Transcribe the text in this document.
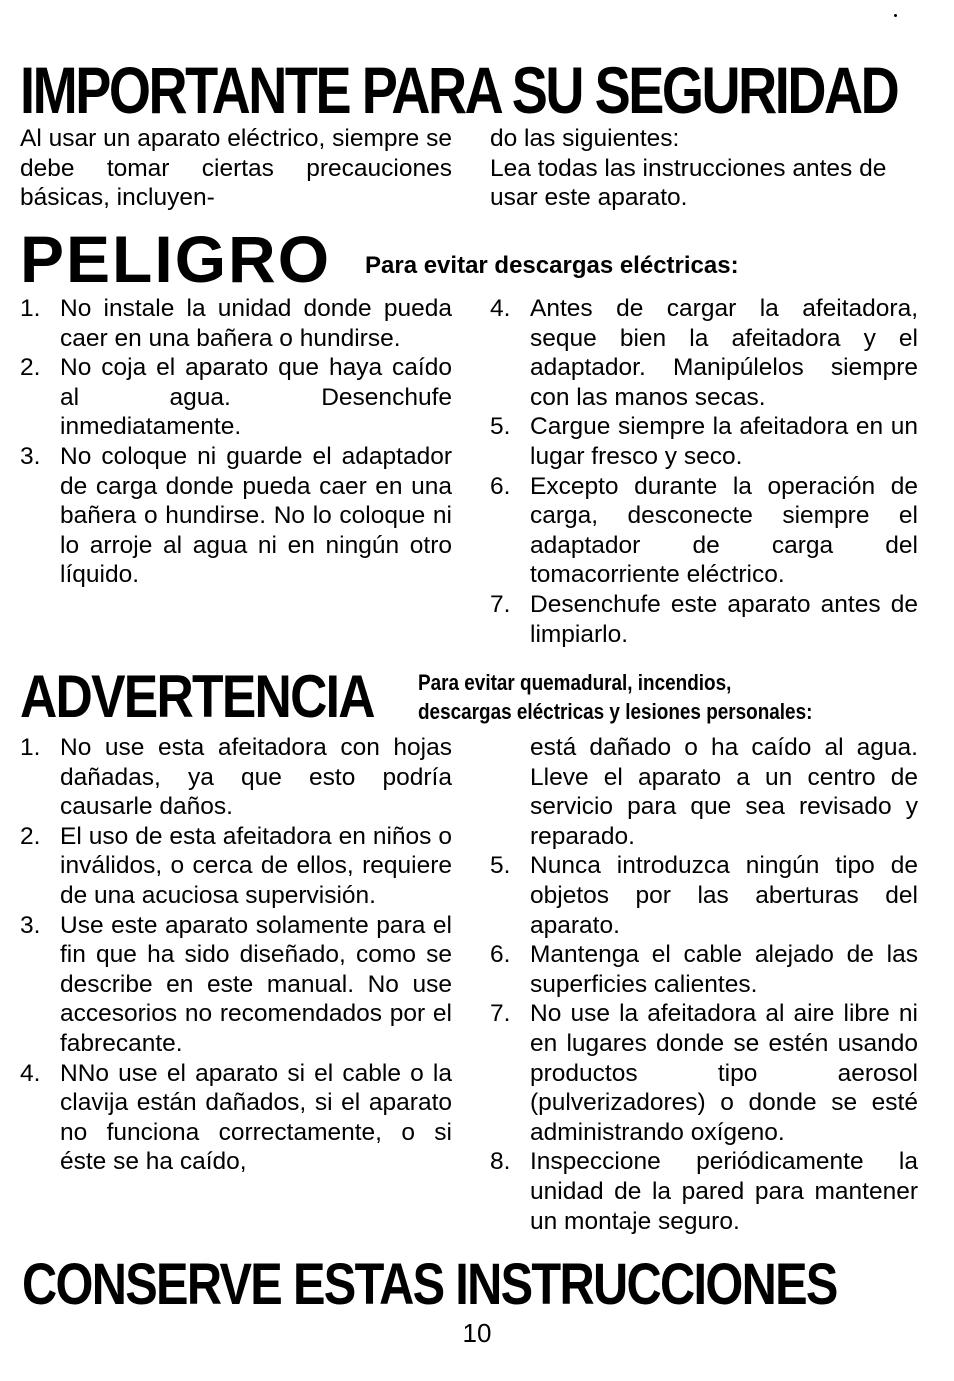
IMPORTANTE PARA SU SEGURIDAD

Al usar un aparato eléctrico, siempre se debe tomar ciertas precauciones básicas, incluyen-

do las siguientes:

Lea todas las instrucciones antes de usar este aparato.

PELIGRO Para evitar descargas eléctricas:
1. No instale la unidad donde pueda caer en una bañera o hundirse.
2. No coja el aparato que haya caído al agua. Desenchufe inmediatamente.
3. No coloque ni guarde el adaptador de carga donde pueda caer en una bañera o hundirse. No lo coloque ni lo arroje al agua ni en ningún otro líquido.
4. Antes de cargar la afeitadora, seque bien la afeitadora y el adaptador. Manipúlelos siempre con las manos secas.
5. Cargue siempre la afeitadora en un lugar fresco y seco.
6. Excepto durante la operación de carga, desconecte siempre el adaptador de carga del tomacorriente eléctrico.
7. Desenchufe este aparato antes de limpiarlo.
ADVERTENCIA Para evitar quemadural, incendios,
descargas eléctricas y lesiones personales:
1. No use esta afeitadora con hojas dañadas, ya que esto podría causarle daños.
2. El uso de esta afeitadora en niños o inválidos, o cerca de ellos, requiere de una acuciosa supervisión.
3. Use este aparato solamente para el fin que ha sido diseñado, como se describe en este manual. No use accesorios no recomendados por el fabrecante.
4. NNo use el aparato si el cable o la clavija están dañados, si el aparato no funciona correctamente, o si éste se ha caído,
está dañado o ha caído al agua. Lleve el aparato a un centro de servicio para que sea revisado y reparado.
5. Nunca introduzca ningún tipo de objetos por las aberturas del aparato.
6. Mantenga el cable alejado de las superficies calientes.
7. No use la afeitadora al aire libre ni en lugares donde se estén usando productos tipo aerosol (pulverizadores) o donde se esté administrando oxígeno.
8. Inspeccione periódicamente la unidad de la pared para mantener un montaje seguro.
CONSERVE ESTAS INSTRUCCIONES
10
